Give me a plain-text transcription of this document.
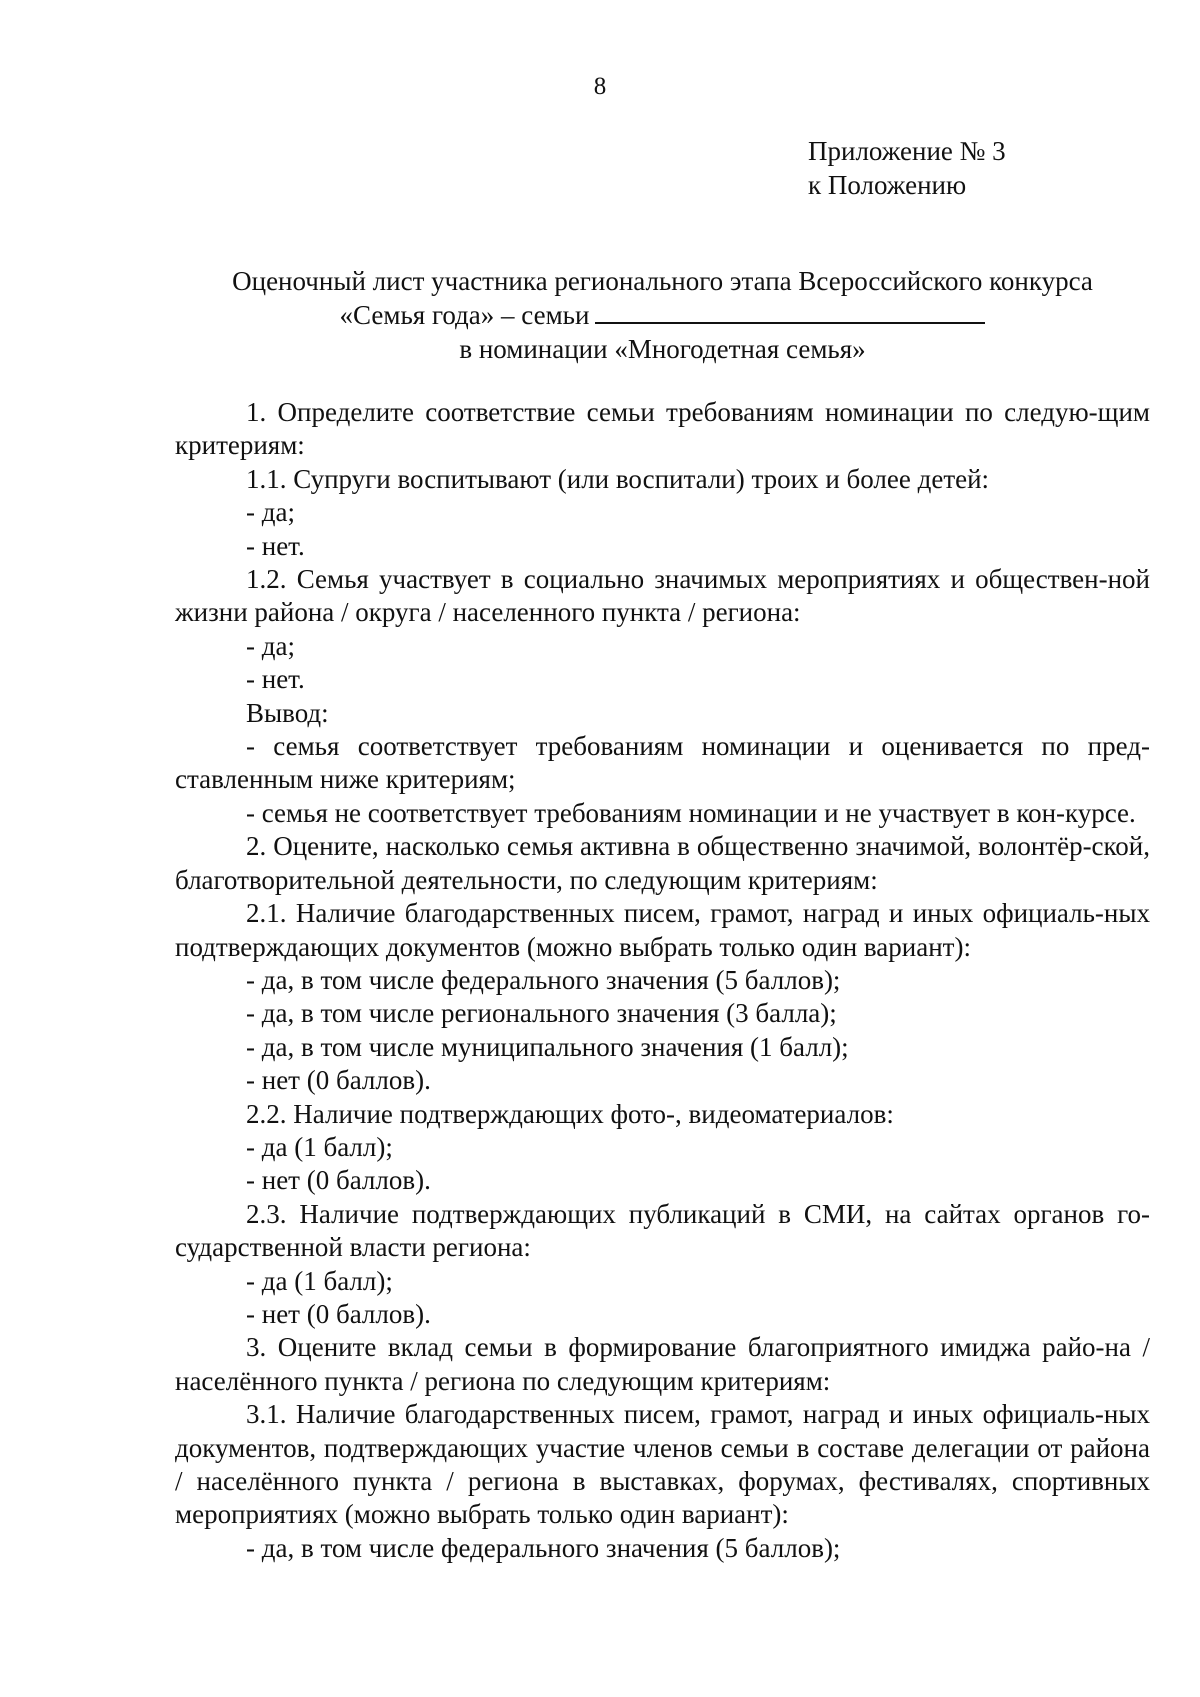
8
Приложение № 3
к Положению
Оценочный лист участника регионального этапа Всероссийского конкурса
«Семья года» – семьи
в номинации «Многодетная семья»

1. Определите соответствие семьи требованиям номинации по следую-щим критериям:

1.1. Супруги воспитывают (или воспитали) троих и более детей:

- да;

- нет.

1.2. Семья участвует в социально значимых мероприятиях и обществен-ной жизни района / округа / населенного пункта / региона:

- да;

- нет.

Вывод:

- семья соответствует требованиям номинации и оценивается по пред-ставленным ниже критериям;

- семья не соответствует требованиям номинации и не участвует в кон-курсе.

2. Оцените, насколько семья активна в общественно значимой, волонтёр-ской, благотворительной деятельности, по следующим критериям:

2.1. Наличие благодарственных писем, грамот, наград и иных официаль-ных подтверждающих документов (можно выбрать только один вариант):

- да, в том числе федерального значения (5 баллов);

- да, в том числе регионального значения (3 балла);

- да, в том числе муниципального значения (1 балл);

- нет (0 баллов).

2.2. Наличие подтверждающих фото-, видеоматериалов:

- да (1 балл);

- нет (0 баллов).

2.3. Наличие подтверждающих публикаций в СМИ, на сайтах органов го-сударственной власти региона:

- да (1 балл);

- нет (0 баллов).

3. Оцените вклад семьи в формирование благоприятного имиджа райо-на / населённого пункта / региона по следующим критериям:

3.1. Наличие благодарственных писем, грамот, наград и иных официаль-ных документов, подтверждающих участие членов семьи в составе делегации от района / населённого пункта / региона в выставках, форумах, фестивалях, спортивных мероприятиях (можно выбрать только один вариант):

- да, в том числе федерального значения (5 баллов);
